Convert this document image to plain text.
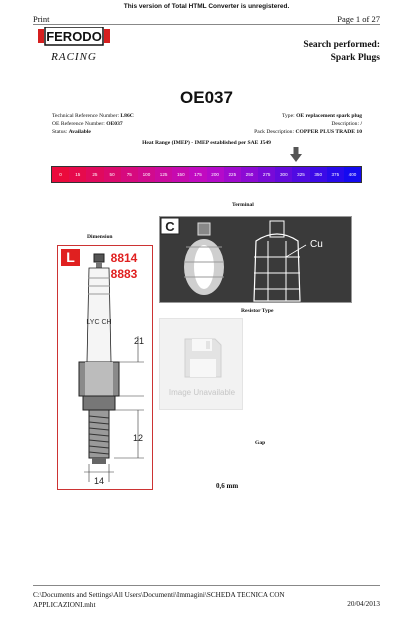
This version of Total HTML Converter is unregistered.
Print	Page 1 of 27
FERODO
RACING
Search performed:
Spark Plugs
OE037
Technical Reference Number: L86C
OE Reference Number: OE037
Status: Available
Type: OE replacement spark plug
Description: /
Pack Description: COPPER PLUS TRADE 10
Heat Range (IMEP) - IMEP established per SAE J549
0	15	25	50	75	100	125	150	175	200	225	250	275	300	325	350	375	400
Terminal
Dimension
L	8814
8883
LYC CH
21
12
14
C
Cu
Resistor Type
Image Unavailable
Gap
0,6 mm
C:\Documents and Settings\All Users\Documenti\Immagini\SCHEDA TECNICA CON
APPLICAZIONI.mht	20/04/2013
